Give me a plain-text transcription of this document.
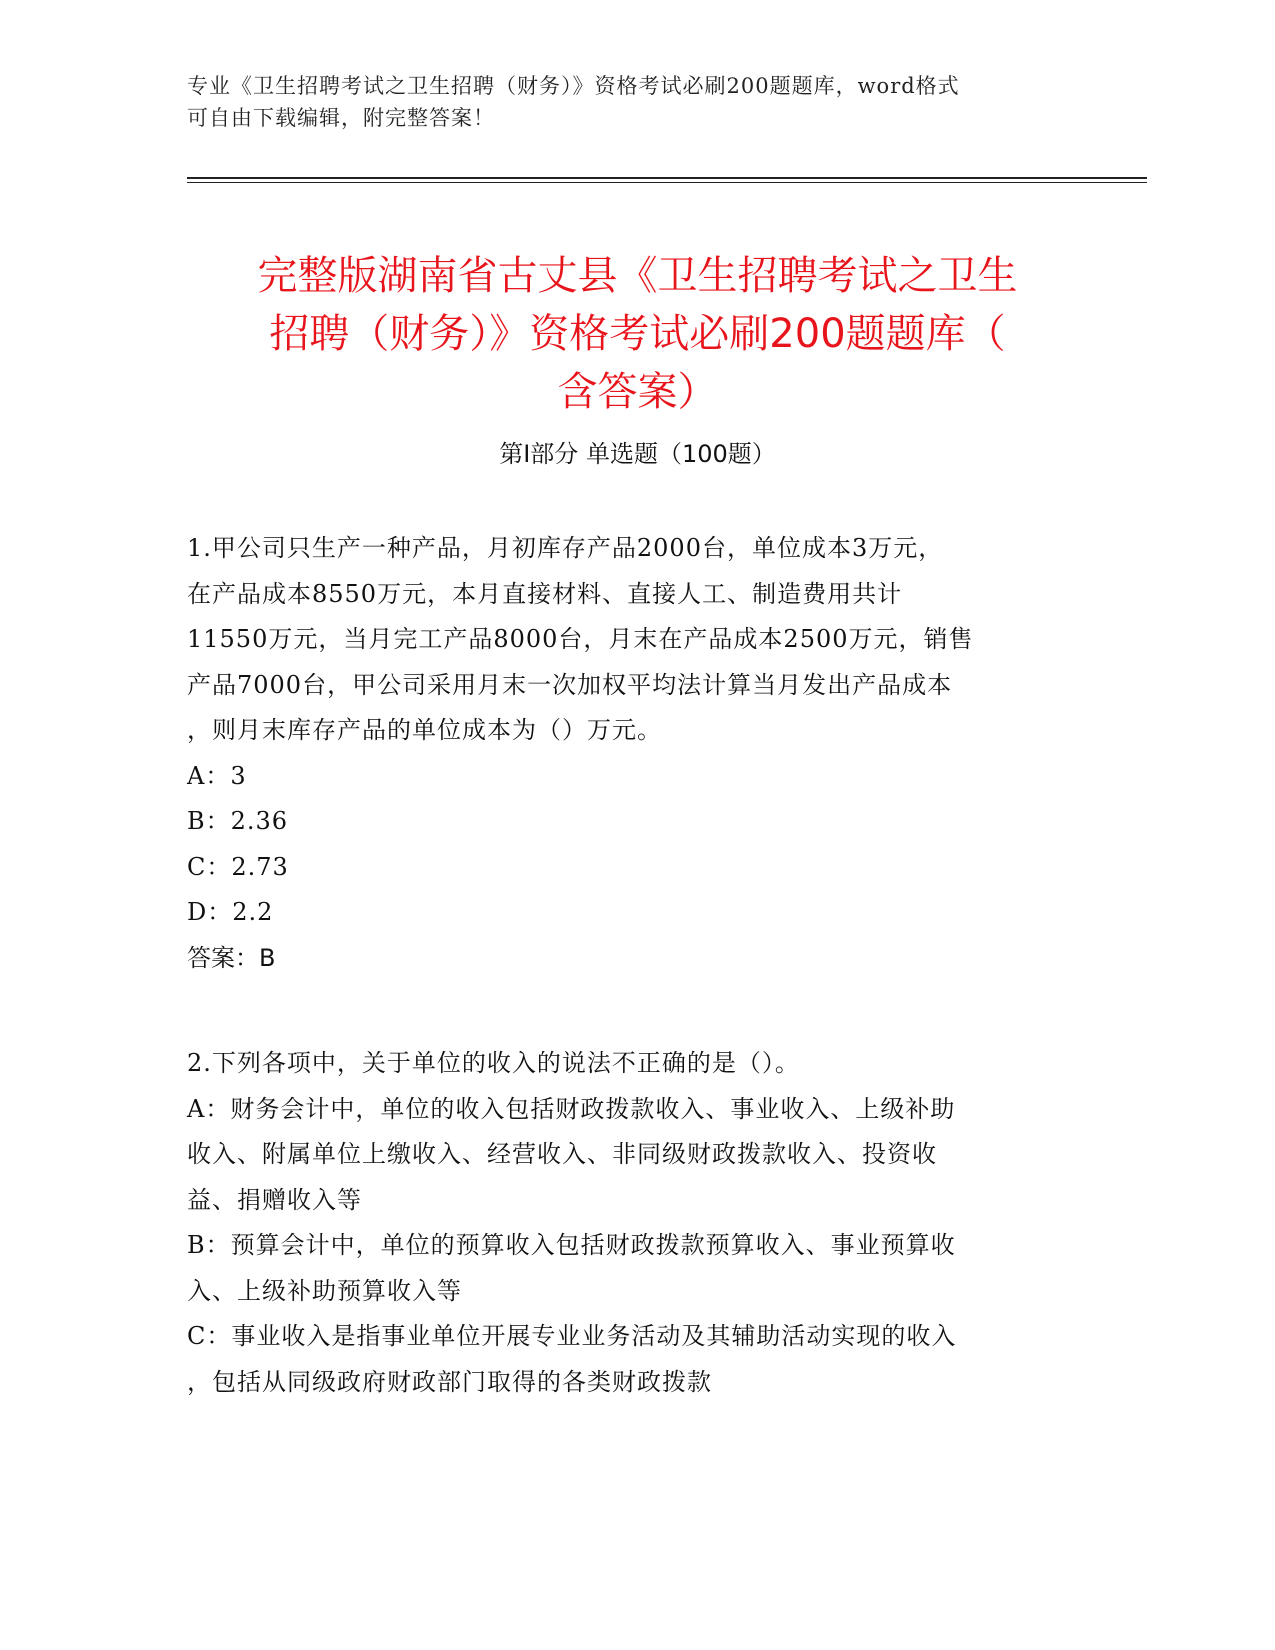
专业《卫生招聘考试之卫生招聘（财务）》资格考试必刷200题题库，word格式
可自由下载编辑，附完整答案！
完整版湖南省古丈县《卫生招聘考试之卫生
招聘（财务）》资格考试必刷200题题库（
含答案）
第Ⅰ部分 单选题（100题）

1.甲公司只生产一种产品，月初库存产品2000台，单位成本3万元，

在产品成本8550万元，本月直接材料、直接人工、制造费用共计

11550万元，当月完工产品8000台，月末在产品成本2500万元，销售

产品7000台，甲公司采用月末一次加权平均法计算当月发出产品成本

，则月末库存产品的单位成本为（）万元。

A：3

B：2.36

C：2.73

D：2.2

答案：B

2.下列各项中，关于单位的收入的说法不正确的是（）。

A：财务会计中，单位的收入包括财政拨款收入、事业收入、上级补助

收入、附属单位上缴收入、经营收入、非同级财政拨款收入、投资收

益、捐赠收入等

B：预算会计中，单位的预算收入包括财政拨款预算收入、事业预算收

入、上级补助预算收入等

C：事业收入是指事业单位开展专业业务活动及其辅助活动实现的收入

，包括从同级政府财政部门取得的各类财政拨款
